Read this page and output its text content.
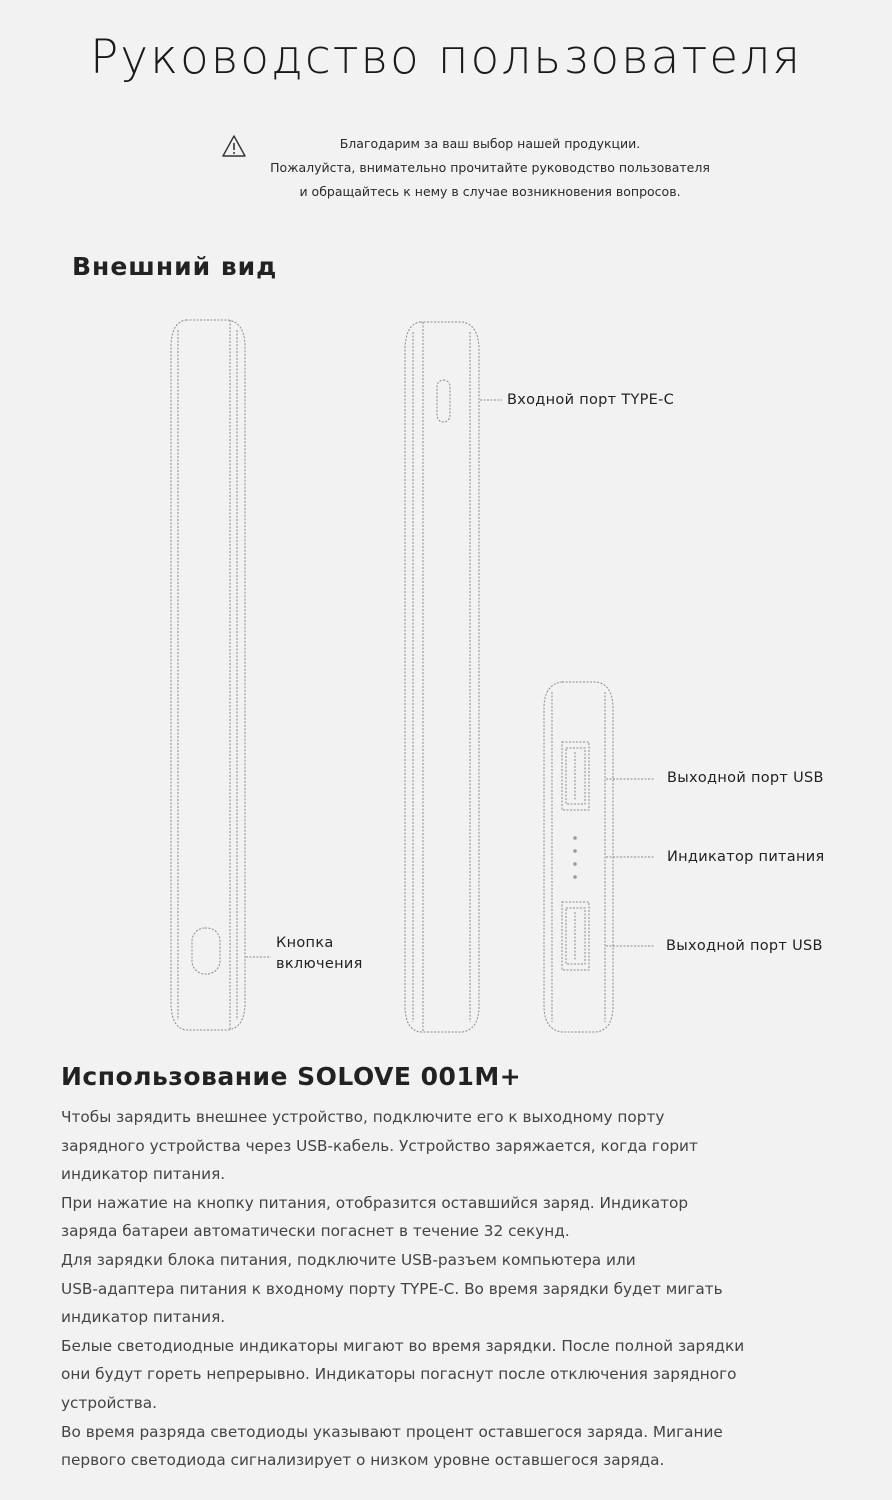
Руководство пользователя
Благодарим за ваш выбор нашей продукции.
Пожалуйста, внимательно прочитайте руководство пользователя
и обращайтесь к нему в случае возникновения вопросов.
Внешний вид
Кнопка
включения
Входной порт TYPE-C
Выходной порт USB
Индикатор питания
Выходной порт USB
Использование SOLOVE 001M+
Чтобы зарядить внешнее устройство, подключите его к выходному порту
зарядного устройства через USB-кабель. Устройство заряжается, когда горит
индикатор питания.
При нажатие на кнопку питания, отобразится оставшийся заряд. Индикатор
заряда батареи автоматически погаснет в течение 32 секунд.
Для зарядки блока питания, подключите USB-разъем компьютера или
USB-адаптера питания к входному порту TYPE-C. Во время зарядки будет мигать
индикатор питания.
Белые светодиодные индикаторы мигают во время зарядки. После полной зарядки
они будут гореть непрерывно. Индикаторы погаснут после отключения зарядного
устройства.
Во время разряда светодиоды указывают процент оставшегося заряда. Мигание
первого светодиода сигнализирует о низком уровне оставшегося заряда.
